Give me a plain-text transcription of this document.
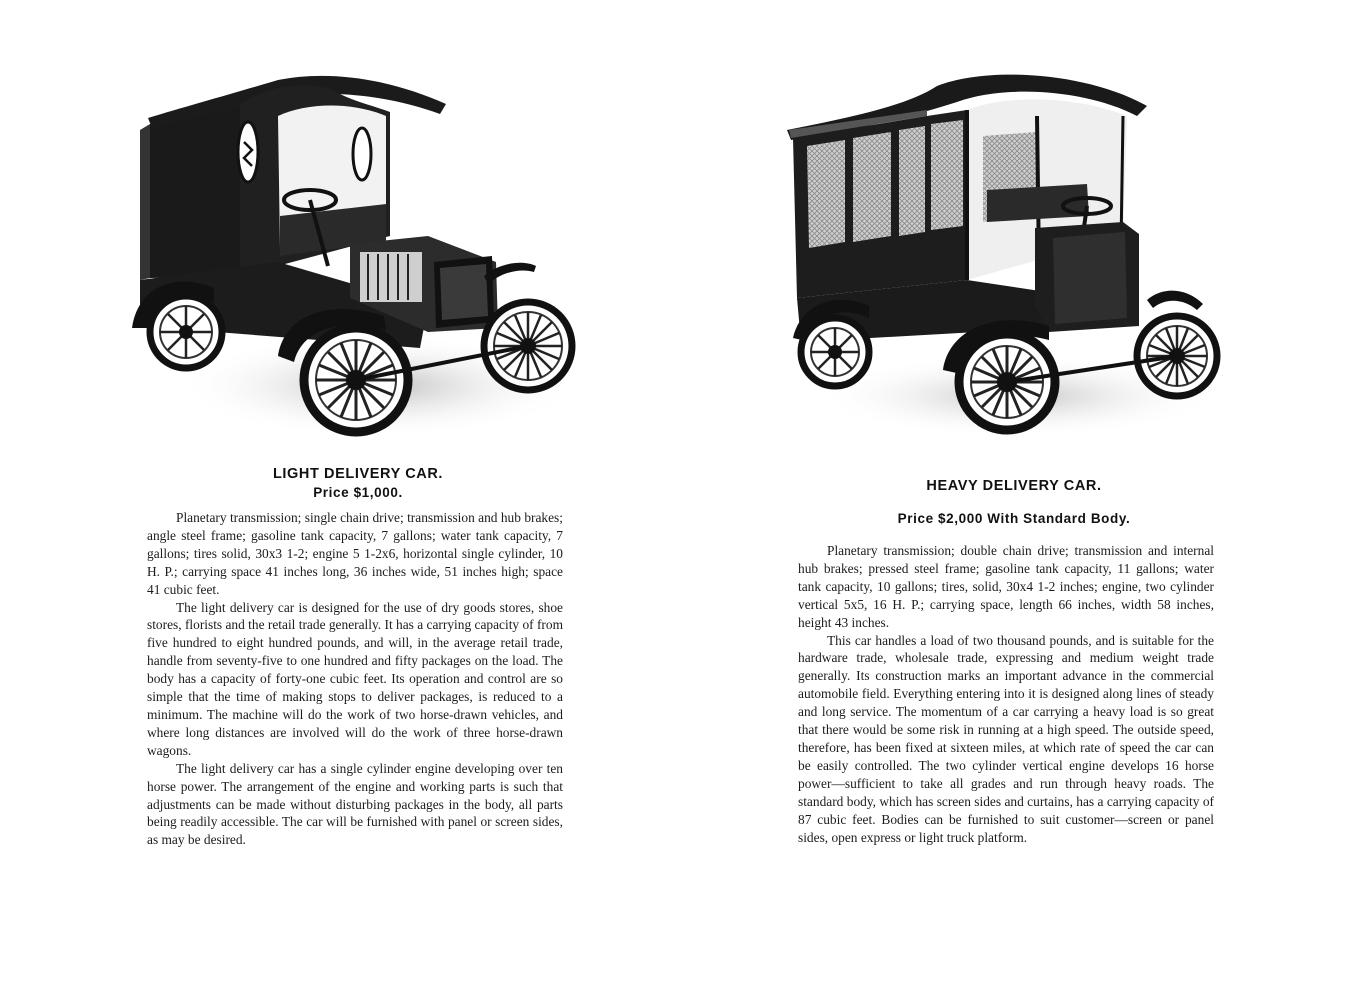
LIGHT DELIVERY CAR.
Price $1,000.

Planetary transmission; single chain drive; transmission and hub brakes; angle steel frame; gasoline tank capacity, 7 gallons; water tank capacity, 7 gallons; tires solid, 30x3 1-2; engine 5 1-2x6, horizontal single cylinder, 10 H. P.; carrying space 41 inches long, 36 inches wide, 51 inches high; space 41 cubic feet.

The light delivery car is designed for the use of dry goods stores, shoe stores, florists and the retail trade generally. It has a carrying capacity of from five hundred to eight hundred pounds, and will, in the average retail trade, handle from seventy-five to one hundred and fifty packages on the load. The body has a capacity of forty-one cubic feet. Its operation and control are so simple that the time of making stops to deliver packages, is reduced to a minimum. The machine will do the work of two horse-drawn vehicles, and where long distances are involved will do the work of three horse-drawn wagons.

The light delivery car has a single cylinder engine developing over ten horse power. The arrangement of the engine and working parts is such that adjustments can be made without disturbing packages in the body, all parts being readily accessible. The car will be furnished with panel or screen sides, as may be desired.

HEAVY DELIVERY CAR.
Price $2,000 With Standard Body.

Planetary transmission; double chain drive; transmission and internal hub brakes; pressed steel frame; gasoline tank capacity, 11 gallons; water tank capacity, 10 gallons; tires, solid, 30x4 1-2 inches; engine, two cylinder vertical 5x5, 16 H. P.; carrying space, length 66 inches, width 58 inches, height 43 inches.

This car handles a load of two thousand pounds, and is suitable for the hardware trade, wholesale trade, expressing and medium weight trade generally. Its construction marks an important advance in the commercial automobile field. Everything entering into it is designed along lines of steady and long service. The momentum of a car carrying a heavy load is so great that there would be some risk in running at a high speed. The outside speed, therefore, has been fixed at sixteen miles, at which rate of speed the car can be easily controlled. The two cylinder vertical engine develops 16 horse power—sufficient to take all grades and run through heavy roads. The standard body, which has screen sides and curtains, has a carrying capacity of 87 cubic feet. Bodies can be furnished to suit customer—screen or panel sides, open express or light truck platform.
